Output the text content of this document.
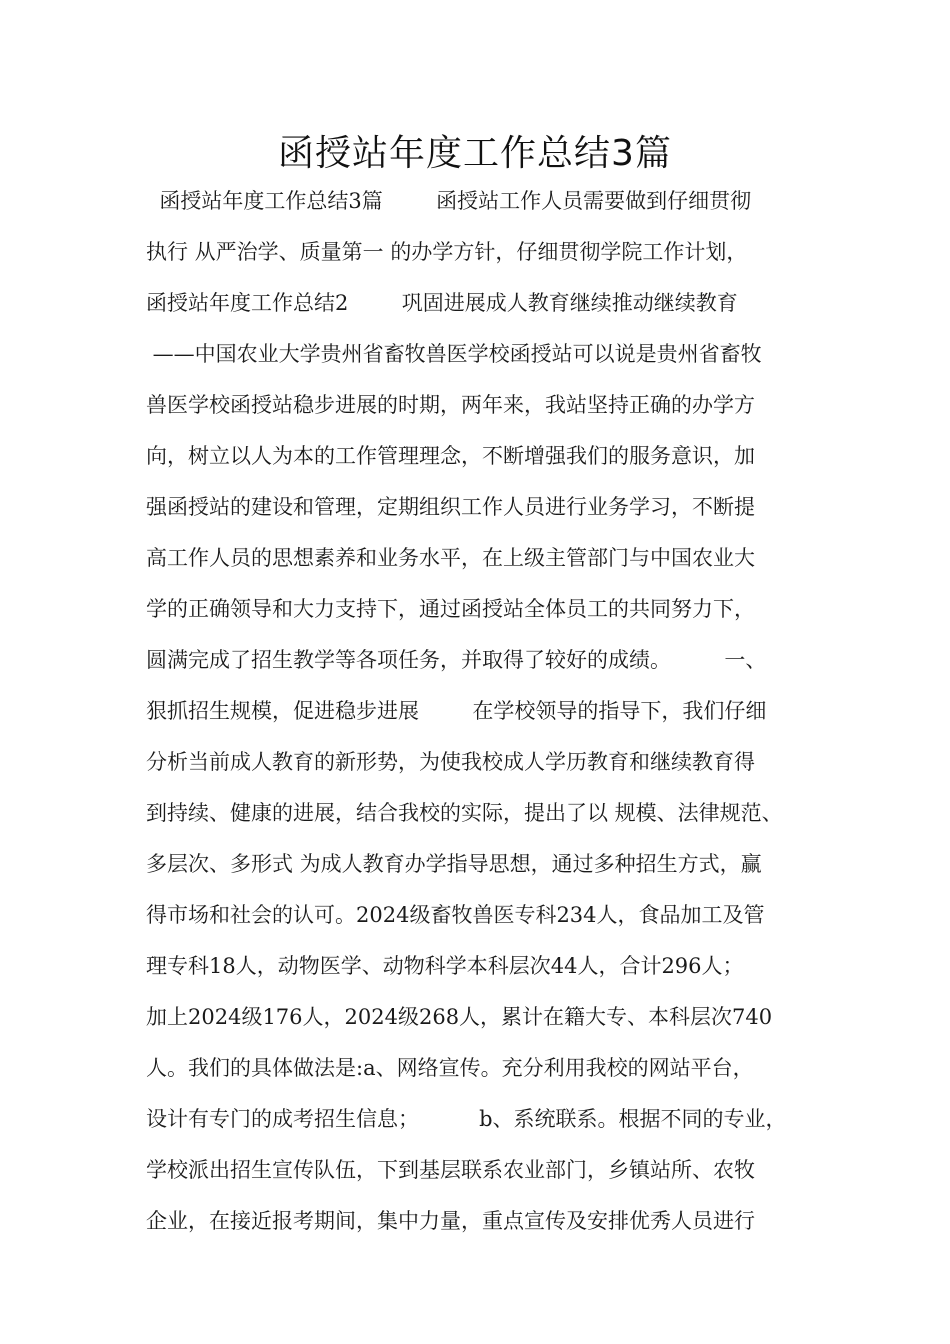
函授站年度工作总结3篇
函授站年度工作总结3篇        函授站工作人员需要做到仔细贯彻
执行 从严治学、质量第一 的办学方针，仔细贯彻学院工作计划，
函授站年度工作总结2        巩固进展成人教育继续推动继续教育
——中国农业大学贵州省畜牧兽医学校函授站可以说是贵州省畜牧
兽医学校函授站稳步进展的时期，两年来，我站坚持正确的办学方
向，树立以人为本的工作管理理念，不断增强我们的服务意识，加
强函授站的建设和管理，定期组织工作人员进行业务学习，不断提
高工作人员的思想素养和业务水平，在上级主管部门与中国农业大
学的正确领导和大力支持下，通过函授站全体员工的共同努力下，
圆满完成了招生教学等各项任务，并取得了较好的成绩。        一、
狠抓招生规模，促进稳步进展        在学校领导的指导下，我们仔细
分析当前成人教育的新形势，为使我校成人学历教育和继续教育得
到持续、健康的进展，结合我校的实际，提出了以 规模、法律规范、
多层次、多形式 为成人教育办学指导思想，通过多种招生方式，赢
得市场和社会的认可。2024级畜牧兽医专科234人，食品加工及管
理专科18人，动物医学、动物科学本科层次44人，合计296人；
加上2024级176人，2024级268人，累计在籍大专、本科层次740
人。我们的具体做法是:a、网络宣传。充分利用我校的网站平台，
设计有专门的成考招生信息；         b、系统联系。根据不同的专业，
学校派出招生宣传队伍，下到基层联系农业部门，乡镇站所、农牧
企业，在接近报考期间，集中力量，重点宣传及安排优秀人员进行
